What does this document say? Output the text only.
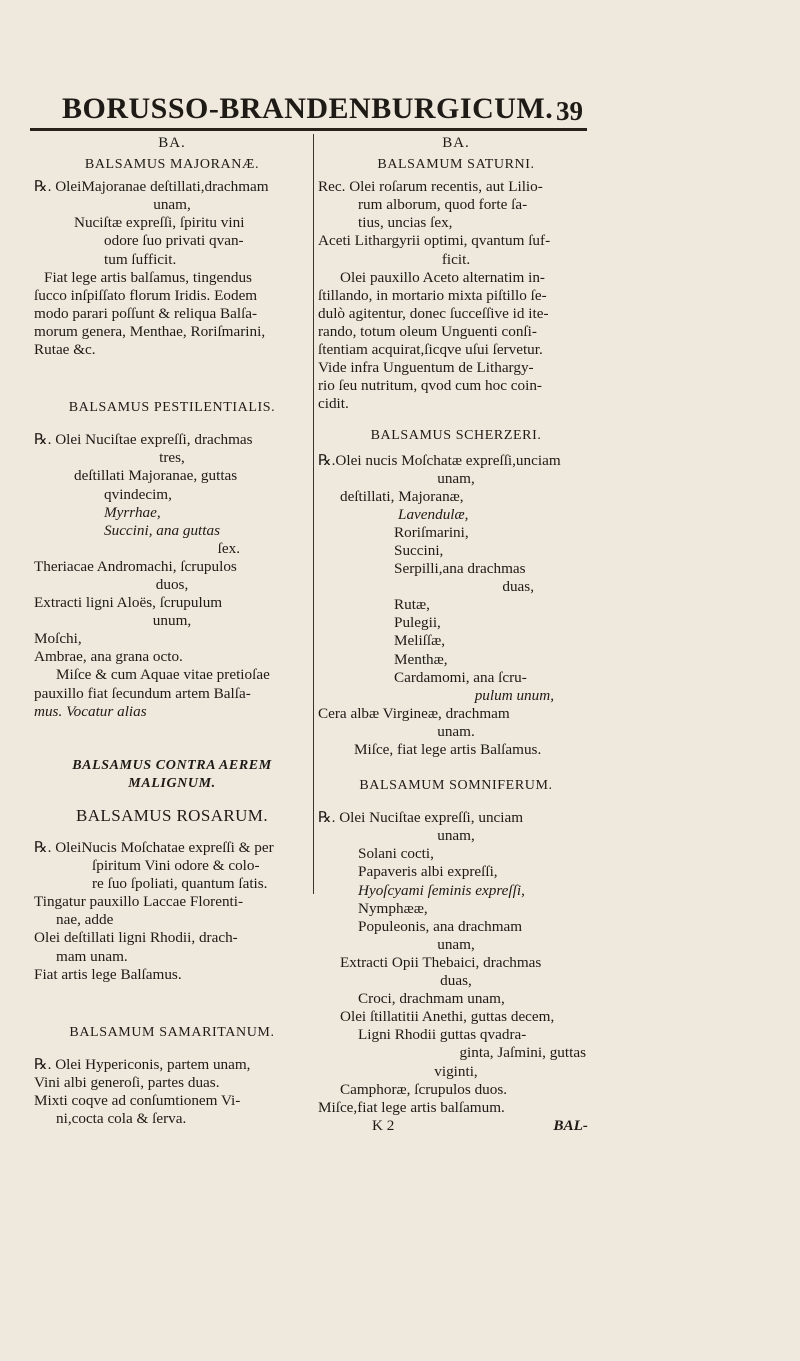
BORUSSO-BRANDENBURGICUM. 39

BA.

BALSAMUS MAJORANÆ.

℞. OleiMajoranae deſtillati,drachmam

unam,

Nuciſtæ expreſſi, ſpiritu vini

odore ſuo privati qvan-

tum ſufficit.

Fiat lege artis balſamus, tingendus

ſucco inſpiſſato florum Iridis. Eodem

modo parari poſſunt & reliqua Balſa-

morum genera, Menthae, Roriſmarini,

Rutae &c.

BALSAMUS PESTILENTIALIS.

℞. Olei Nuciſtae expreſſi, drachmas

tres,

deſtillati Majoranae, guttas

qvindecim,

Myrrhae,

Succini, ana guttas

ſex.

Theriacae Andromachi, ſcrupulos

duos,

Extracti ligni Aloës, ſcrupulum

unum,

Moſchi,

Ambrae, ana grana octo.

Miſce & cum Aquae vitae pretioſae

pauxillo fiat ſecundum artem Balſa-

mus. Vocatur alias

BALSAMUS CONTRA AEREM

MALIGNUM.

BALSAMUS ROSARUM.

℞. OleiNucis Moſchatae expreſſi & per

ſpiritum Vini odore & colo-

re ſuo ſpoliati, quantum ſatis.

Tingatur pauxillo Laccae Florenti-

nae, adde

Olei deſtillati ligni Rhodii, drach-

mam unam.

Fiat artis lege Balſamus.

BALSAMUM SAMARITANUM.

℞. Olei Hypericonis, partem unam,

Vini albi generoſi, partes duas.

Mixti coqve ad conſumtionem Vi-

ni,cocta cola & ſerva.

BA.

BALSAMUM SATURNI.

Rec. Olei roſarum recentis, aut Lilio-

rum alborum, quod forte ſa-

tius, uncias ſex,

Aceti Lithargyrii optimi, qvantum ſuf-

ficit.

Olei pauxillo Aceto alternatim in-

ſtillando, in mortario mixta piſtillo ſe-

dulò agitentur, donec ſucceſſive id ite-

rando, totum oleum Unguenti conſi-

ſtentiam acquirat,ſicqve uſui ſervetur.

Vide infra Unguentum de Lithargy-

rio ſeu nutritum, qvod cum hoc coin-

cidit.

BALSAMUS SCHERZERI.

℞.Olei nucis Moſchatæ expreſſi,unciam

unam,

deſtillati, Majoranæ,

Lavendulæ,

Roriſmarini,

Succini,

Serpilli,ana drachmas

duas,

Rutæ,

Pulegii,

Meliſſæ,

Menthæ,

Cardamomi, ana ſcru-

pulum unum,

Cera albæ Virgineæ, drachmam

unam.

Miſce, fiat lege artis Balſamus.

BALSAMUM SOMNIFERUM.

℞. Olei Nuciſtae expreſſi, unciam

unam,

Solani cocti,

Papaveris albi expreſſi,

Hyoſcyami ſeminis expreſſi,

Nymphææ,

Populeonis, ana drachmam

unam,

Extracti Opii Thebaici, drachmas

duas,

Croci, drachmam unam,

Olei ſtillatitii Anethi, guttas decem,

Ligni Rhodii guttas qvadra-

ginta, Jaſmini, guttas

viginti,

Camphoræ, ſcrupulos duos.

Miſce,fiat lege artis balſamum.

K 2	BAL-
